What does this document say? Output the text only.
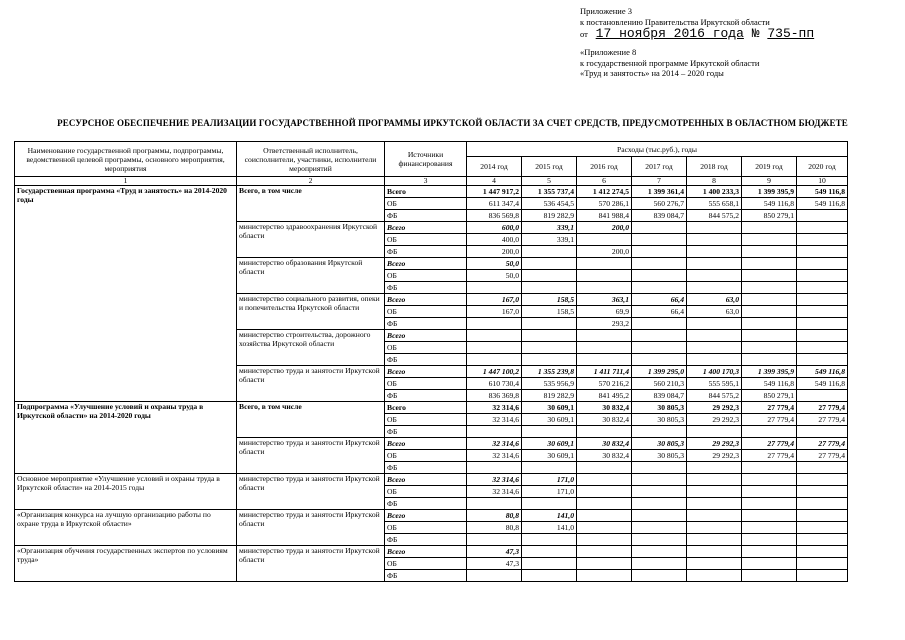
Приложение 3
к постановлению Правительства Иркутской области
от 17 ноября 2016 года № 735-пп
«Приложение 8
к государственной программе Иркутской области
«Труд и занятость» на 2014 – 2020 годы
РЕСУРСНОЕ ОБЕСПЕЧЕНИЕ РЕАЛИЗАЦИИ ГОСУДАРСТВЕННОЙ ПРОГРАММЫ ИРКУТСКОЙ ОБЛАСТИ ЗА СЧЕТ СРЕДСТВ, ПРЕДУСМОТРЕННЫХ В ОБЛАСТНОМ БЮДЖЕТЕ
Наименование государственной программы, подпрограммы, ведомственной целевой программы, основного мероприятия, мероприятия	Ответственный исполнитель, соисполнители, участники, исполнители мероприятий	Источники финансирования	Расходы (тыс.руб.), годы						
			2014 год	2015 год	2016 год	2017 год	2018 год	2019 год	2020 год
1	2	3	4	5	6	7	8	9	10
Государственная программа «Труд и занятость» на 2014-2020 годы	Всего, в том числе	Всего	1 447 917,2	1 355 737,4	1 412 274,5	1 399 361,4	1 400 233,3	1 399 395,9	549 116,8
		ОБ	611 347,4	536 454,5	570 286,1	560 276,7	555 658,1	549 116,8	549 116,8
		ФБ	836 569,8	819 282,9	841 988,4	839 084,7	844 575,2	850 279,1	
	министерство здравоохранения Иркутской области	Всего	600,0	339,1	200,0				
		ОБ	400,0	339,1					
		ФБ	200,0		200,0				
	министерство образования Иркутской области	Всего	50,0						
		ОБ	50,0						
		ФБ							
	министерство социального развития, опеки и попечительства Иркутской области	Всего	167,0	158,5	363,1	66,4	63,0		
		ОБ	167,0	158,5	69,9	66,4	63,0		
		ФБ			293,2				
	министерство строительства, дорожного хозяйства Иркутской области	Всего							
		ОБ							
		ФБ							
	министерство труда и занятости Иркутской области	Всего	1 447 100,2	1 355 239,8	1 411 711,4	1 399 295,0	1 400 170,3	1 399 395,9	549 116,8
		ОБ	610 730,4	535 956,9	570 216,2	560 210,3	555 595,1	549 116,8	549 116,8
		ФБ	836 369,8	819 282,9	841 495,2	839 084,7	844 575,2	850 279,1	
Подпрограмма «Улучшение условий и охраны труда в Иркутской области» на 2014-2020 годы	Всего, в том числе	Всего	32 314,6	30 609,1	30 832,4	30 805,3	29 292,3	27 779,4	27 779,4
		ОБ	32 314,6	30 609,1	30 832,4	30 805,3	29 292,3	27 779,4	27 779,4
		ФБ							
	министерство труда и занятости Иркутской области	Всего	32 314,6	30 609,1	30 832,4	30 805,3	29 292,3	27 779,4	27 779,4
		ОБ	32 314,6	30 609,1	30 832,4	30 805,3	29 292,3	27 779,4	27 779,4
		ФБ							
Основное мероприятие «Улучшение условий и охраны труда в Иркутской области» на 2014-2015 годы	министерство труда и занятости Иркутской области	Всего	32 314,6	171,0					
		ОБ	32 314,6	171,0					
		ФБ							
«Организация конкурса на лучшую организацию работы по охране труда в Иркутской области»	министерство труда и занятости Иркутской области	Всего	80,8	141,0					
		ОБ	80,8	141,0					
		ФБ							
«Организация обучения государственных экспертов по условиям труда»	министерство труда и занятости Иркутской области	Всего	47,3						
		ОБ	47,3						
		ФБ							
